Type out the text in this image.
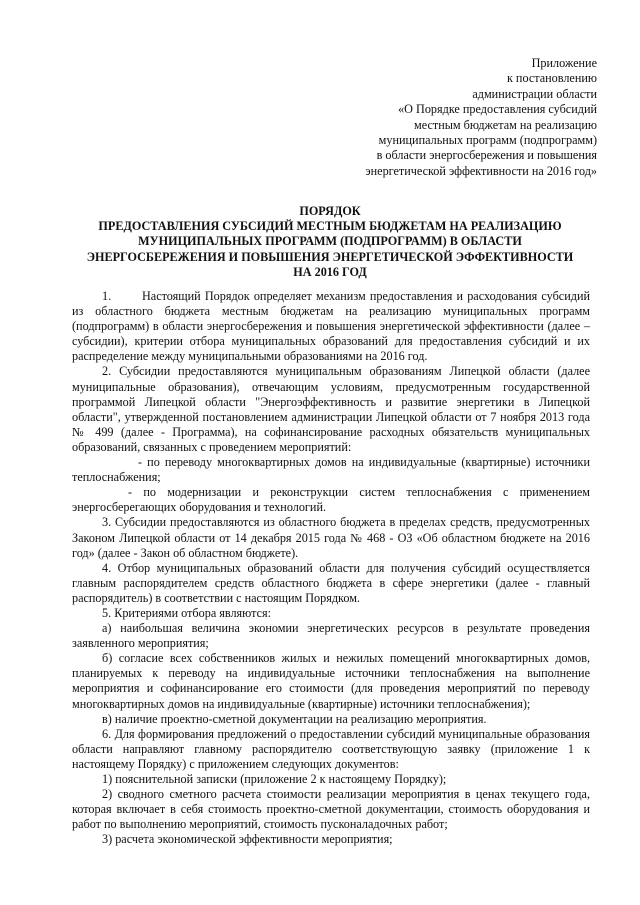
Приложение
к постановлению
администрации области
«О Порядке предоставления субсидий
местным бюджетам на реализацию
муниципальных программ (подпрограмм)
в области энергосбережения и повышения
энергетической эффективности на 2016 год»
ПОРЯДОК
ПРЕДОСТАВЛЕНИЯ СУБСИДИЙ МЕСТНЫМ БЮДЖЕТАМ НА РЕАЛИЗАЦИЮ
МУНИЦИПАЛЬНЫХ ПРОГРАММ (ПОДПРОГРАММ) В ОБЛАСТИ
ЭНЕРГОСБЕРЕЖЕНИЯ И ПОВЫШЕНИЯ ЭНЕРГЕТИЧЕСКОЙ ЭФФЕКТИВНОСТИ
НА 2016 ГОД

1.	Настоящий Порядок определяет механизм предоставления и расходования субсидий из областного бюджета местным бюджетам на реализацию муниципальных программ (подпрограмм) в области энергосбережения и повышения энергетической эффективности (далее – субсидии), критерии отбора муниципальных образований для предоставления субсидий и их распределение между муниципальными образованиями на 2016 год.

2. Субсидии предоставляются муниципальным образованиям Липецкой области (далее муниципальные образования), отвечающим условиям, предусмотренным государственной программой Липецкой области "Энергоэффективность и развитие энергетики в Липецкой области", утвержденной постановлением администрации Липецкой области от 7 ноября 2013 года № 499 (далее - Программа), на софинансирование расходных обязательств муниципальных образований, связанных с проведением мероприятий:

- по переводу многоквартирных домов на индивидуальные (квартирные) источники теплоснабжения;

- по модернизации и реконструкции систем теплоснабжения с применением энергосберегающих оборудования и технологий.

3. Субсидии предоставляются из областного бюджета в пределах средств, предусмотренных Законом Липецкой области от 14 декабря 2015 года № 468 - ОЗ «Об областном бюджете на 2016 год» (далее - Закон об областном бюджете).

4. Отбор муниципальных образований области для получения субсидий осуществляется главным распорядителем средств областного бюджета в сфере энергетики (далее - главный распорядитель) в соответствии с настоящим Порядком.

5. Критериями отбора являются:

а) наибольшая величина экономии энергетических ресурсов в результате проведения заявленного мероприятия;

б) согласие всех собственников жилых и нежилых помещений многоквартирных домов, планируемых к переводу на индивидуальные источники теплоснабжения на выполнение мероприятия и софинансирование его стоимости (для проведения мероприятий по переводу многоквартирных домов на индивидуальные (квартирные) источники теплоснабжения);

в) наличие проектно-сметной документации на реализацию мероприятия.

6. Для формирования предложений о предоставлении субсидий муниципальные образования области направляют главному распорядителю соответствующую заявку (приложение 1 к настоящему Порядку) с приложением следующих документов:

1) пояснительной записки (приложение 2 к настоящему Порядку);

2) сводного сметного расчета стоимости реализации мероприятия в ценах текущего года, которая включает в себя стоимость проектно-сметной документации, стоимость оборудования и работ по выполнению мероприятий, стоимость пусконаладочных работ;

3) расчета экономической эффективности мероприятия;
